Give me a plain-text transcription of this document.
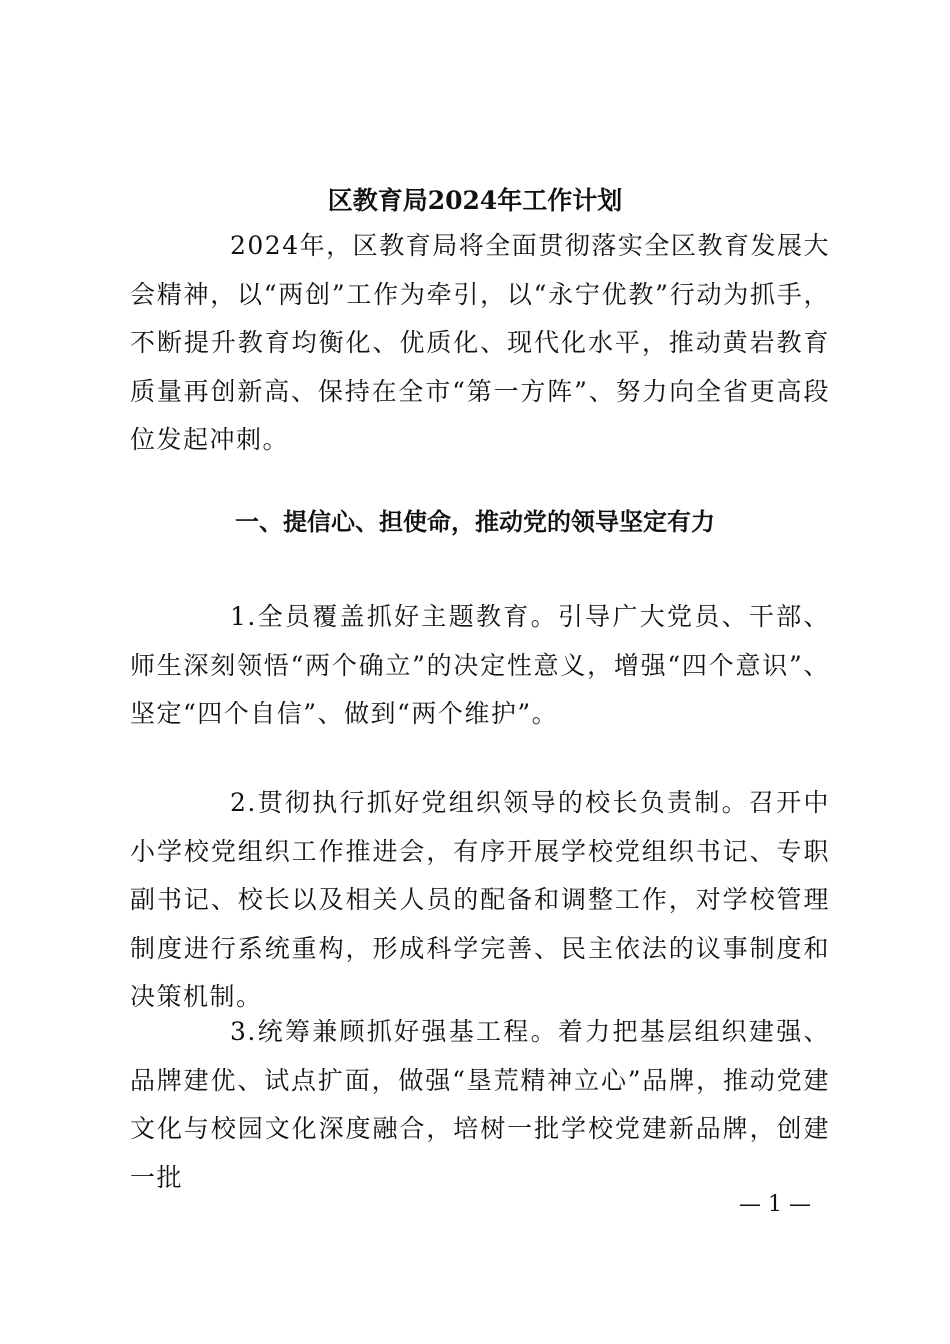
区教育局2024年工作计划

2024年，区教育局将全面贯彻落实全区教育发展大会精神，以“两创”工作为牵引，以“永宁优教”行动为抓手，不断提升教育均衡化、优质化、现代化水平，推动黄岩教育质量再创新高、保持在全市“第一方阵”、努力向全省更高段位发起冲刺。

一、提信心、担使命，推动党的领导坚定有力

1.全员覆盖抓好主题教育。引导广大党员、干部、师生深刻领悟“两个确立”的决定性意义，增强“四个意识”、坚定“四个自信”、做到“两个维护”。

2.贯彻执行抓好党组织领导的校长负责制。召开中小学校党组织工作推进会，有序开展学校党组织书记、专职副书记、校长以及相关人员的配备和调整工作，对学校管理制度进行系统重构，形成科学完善、民主依法的议事制度和决策机制。

3.统筹兼顾抓好强基工程。着力把基层组织建强、品牌建优、试点扩面，做强“垦荒精神立心”品牌，推动党建文化与校园文化深度融合，培树一批学校党建新品牌，创建一批

— 1 —
